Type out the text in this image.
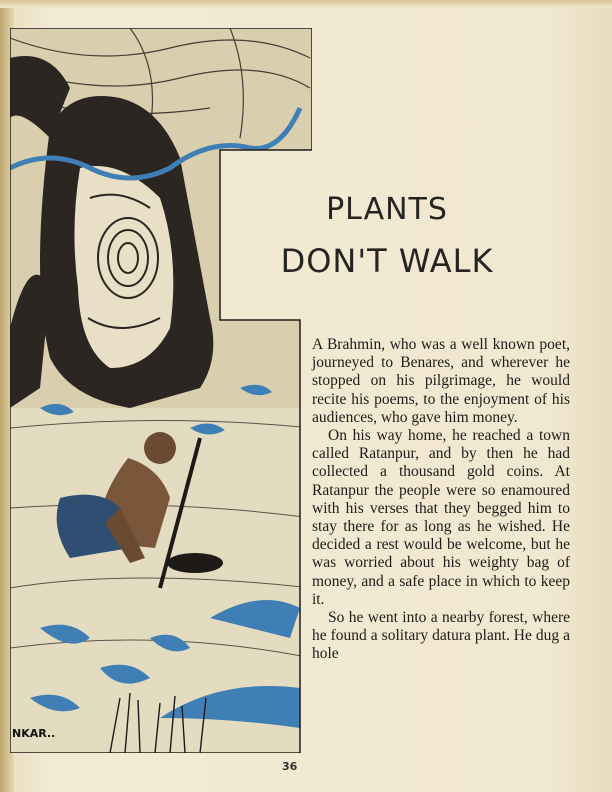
NKAR..
PLANTS
DON'T WALK

A Brahmin, who was a well known poet, journeyed to Benares, and wherever he stopped on his pilgrimage, he would recite his poems, to the enjoyment of his audiences, who gave him money.

On his way home, he reached a town called Ratanpur, and by then he had collected a thousand gold coins. At Ratanpur the people were so enamoured with his verses that they begged him to stay there for as long as he wished. He decided a rest would be welcome, but he was worried about his weighty bag of money, and a safe place in which to keep it.

So he went into a nearby forest, where he found a solitary datura plant. He dug a hole

36
